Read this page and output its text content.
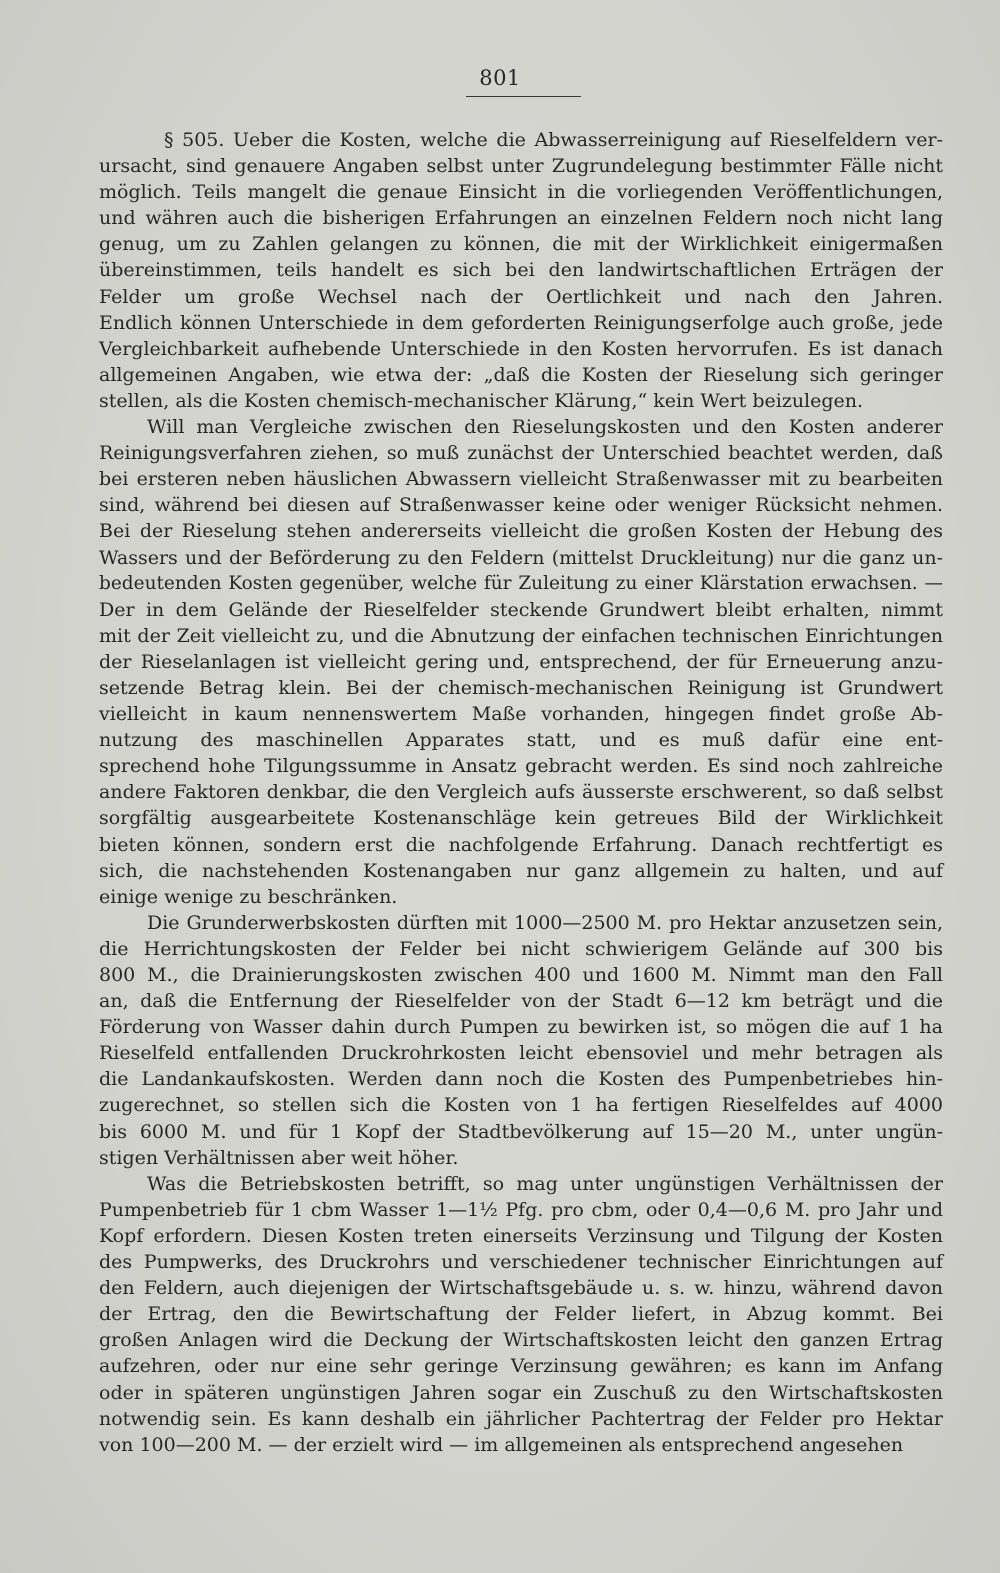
801
§ 505. Ueber die Kosten, welche die Abwasserreinigung auf Rieselfeldern ver-
ursacht, sind genauere Angaben selbst unter Zugrundelegung bestimmter Fälle nicht
möglich. Teils mangelt die genaue Einsicht in die vorliegenden Veröffentlichungen,
und währen auch die bisherigen Erfahrungen an einzelnen Feldern noch nicht lang
genug, um zu Zahlen gelangen zu können, die mit der Wirklichkeit einigermaßen
übereinstimmen, teils handelt es sich bei den landwirtschaftlichen Erträgen der
Felder um große Wechsel nach der Oertlichkeit und nach den Jahren.
Endlich können Unterschiede in dem geforderten Reinigungserfolge auch große, jede
Vergleichbarkeit aufhebende Unterschiede in den Kosten hervorrufen. Es ist danach
allgemeinen Angaben, wie etwa der: „daß die Kosten der Rieselung sich geringer
stellen, als die Kosten chemisch-mechanischer Klärung,“ kein Wert beizulegen.
Will man Vergleiche zwischen den Rieselungskosten und den Kosten anderer
Reinigungsverfahren ziehen, so muß zunächst der Unterschied beachtet werden, daß
bei ersteren neben häuslichen Abwassern vielleicht Straßenwasser mit zu bearbeiten
sind, während bei diesen auf Straßenwasser keine oder weniger Rücksicht nehmen.
Bei der Rieselung stehen andererseits vielleicht die großen Kosten der Hebung des
Wassers und der Beförderung zu den Feldern (mittelst Druckleitung) nur die ganz un-
bedeutenden Kosten gegenüber, welche für Zuleitung zu einer Klärstation erwachsen. —
Der in dem Gelände der Rieselfelder steckende Grundwert bleibt erhalten, nimmt
mit der Zeit vielleicht zu, und die Abnutzung der einfachen technischen Einrichtungen
der Rieselanlagen ist vielleicht gering und, entsprechend, der für Erneuerung anzu-
setzende Betrag klein. Bei der chemisch-mechanischen Reinigung ist Grundwert
vielleicht in kaum nennenswertem Maße vorhanden, hingegen findet große Ab-
nutzung des maschinellen Apparates statt, und es muß dafür eine ent-
sprechend hohe Tilgungssumme in Ansatz gebracht werden. Es sind noch zahlreiche
andere Faktoren denkbar, die den Vergleich aufs äusserste erschwerent, so daß selbst
sorgfältig ausgearbeitete Kostenanschläge kein getreues Bild der Wirklichkeit
bieten können, sondern erst die nachfolgende Erfahrung. Danach rechtfertigt es
sich, die nachstehenden Kostenangaben nur ganz allgemein zu halten, und auf
einige wenige zu beschränken.
Die Grunderwerbskosten dürften mit 1000—2500 M. pro Hektar anzusetzen sein,
die Herrichtungskosten der Felder bei nicht schwierigem Gelände auf 300 bis
800 M., die Drainierungskosten zwischen 400 und 1600 M. Nimmt man den Fall
an, daß die Entfernung der Rieselfelder von der Stadt 6—12 km beträgt und die
Förderung von Wasser dahin durch Pumpen zu bewirken ist, so mögen die auf 1 ha
Rieselfeld entfallenden Druckrohrkosten leicht ebensoviel und mehr betragen als
die Landankaufskosten. Werden dann noch die Kosten des Pumpenbetriebes hin-
zugerechnet, so stellen sich die Kosten von 1 ha fertigen Rieselfeldes auf 4000
bis 6000 M. und für 1 Kopf der Stadtbevölkerung auf 15—20 M., unter ungün-
stigen Verhältnissen aber weit höher.
Was die Betriebskosten betrifft, so mag unter ungünstigen Verhältnissen der
Pumpenbetrieb für 1 cbm Wasser 1—1½ Pfg. pro cbm, oder 0,4—0,6 M. pro Jahr und
Kopf erfordern. Diesen Kosten treten einerseits Verzinsung und Tilgung der Kosten
des Pumpwerks, des Druckrohrs und verschiedener technischer Einrichtungen auf
den Feldern, auch diejenigen der Wirtschaftsgebäude u. s. w. hinzu, während davon
der Ertrag, den die Bewirtschaftung der Felder liefert, in Abzug kommt. Bei
großen Anlagen wird die Deckung der Wirtschaftskosten leicht den ganzen Ertrag
aufzehren, oder nur eine sehr geringe Verzinsung gewähren; es kann im Anfang
oder in späteren ungünstigen Jahren sogar ein Zuschuß zu den Wirtschaftskosten
notwendig sein. Es kann deshalb ein jährlicher Pachtertrag der Felder pro Hektar
von 100—200 M. — der erzielt wird — im allgemeinen als entsprechend angesehen
